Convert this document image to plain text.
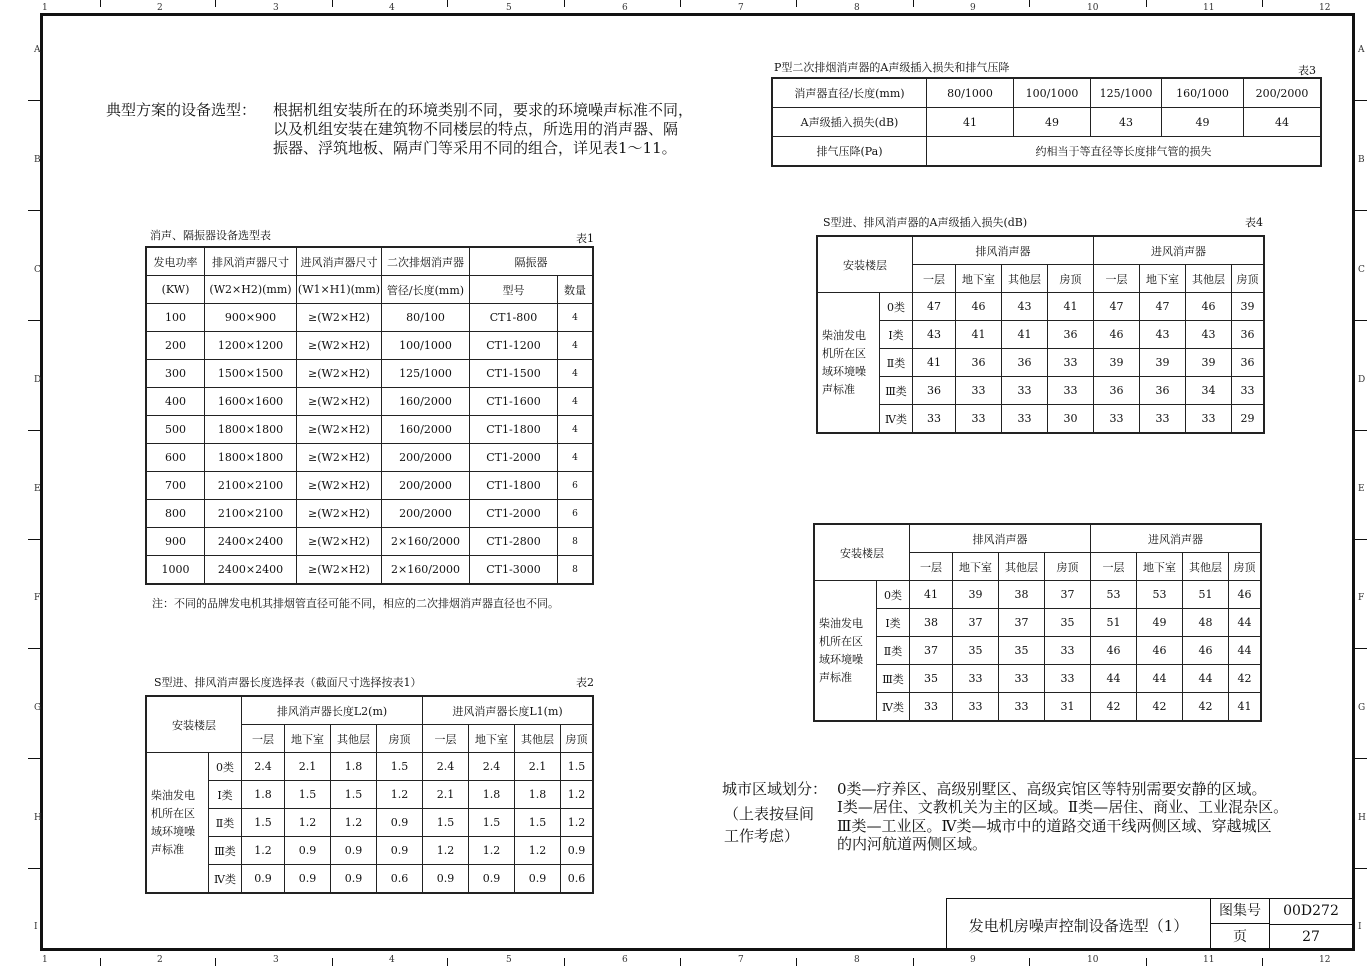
1
1
2
2
3
3
4
4
5
5
6
6
7
7
8
8
9
9
10
10
11
11
12
12
A	A
B	B
C	C
D	D
E	E
F	F
G	G
H	H
I	I
典型方案的设备选型： 根据机组安装所在的环境类别不同，要求的环境噪声标准不同，
以及机组安装在建筑物不同楼层的特点，所选用的消声器、隔
振器、浮筑地板、隔声门等采用不同的组合，详见表1～11。
P型二次排烟消声器的A声级插入损失和排气压降	表3
消声器直径/长度(mm)	80/1000	100/1000	125/1000	160/1000	200/2000
A声级插入损失(dB)	41	49	43	49	44
排气压降(Pa)	约相当于等直径等长度排气管的损失				
消声、隔振器设备选型表	表1
发电功率	排风消声器尺寸	进风消声器尺寸	二次排烟消声器	隔振器	
(KW)	(W2×H2)(mm)	(W1×H1)(mm)	管径/长度(mm)	型号	数量
100	900×900	≥(W2×H2)	80/100	CT1-800	4
200	1200×1200	≥(W2×H2)	100/1000	CT1-1200	4
300	1500×1500	≥(W2×H2)	125/1000	CT1-1500	4
400	1600×1600	≥(W2×H2)	160/2000	CT1-1600	4
500	1800×1800	≥(W2×H2)	160/2000	CT1-1800	4
600	1800×1800	≥(W2×H2)	200/2000	CT1-2000	4
700	2100×2100	≥(W2×H2)	200/2000	CT1-1800	6
800	2100×2100	≥(W2×H2)	200/2000	CT1-2000	6
900	2400×2400	≥(W2×H2)	2×160/2000	CT1-2800	8
1000	2400×2400	≥(W2×H2)	2×160/2000	CT1-3000	8
注：不同的品牌发电机其排烟管直径可能不同，相应的二次排烟消声器直径也不同。
S型进、排风消声器的A声级插入损失(dB)	表4
安装楼层		排风消声器				进风消声器			
		一层	地下室	其他层	房顶	一层	地下室	其他层	房顶
柴油发电机所在区域环境噪声标准	0类	47	46	43	41	47	47	46	39
	Ⅰ类	43	41	41	36	46	43	43	36
	Ⅱ类	41	36	36	33	39	39	39	36
	Ⅲ类	36	33	33	33	36	36	34	33
	Ⅳ类	33	33	33	30	33	33	33	29
安装楼层		排风消声器				进风消声器			
		一层	地下室	其他层	房顶	一层	地下室	其他层	房顶
柴油发电机所在区域环境噪声标准	0类	41	39	38	37	53	53	51	46
	Ⅰ类	38	37	37	35	51	49	48	44
	Ⅱ类	37	35	35	33	46	46	46	44
	Ⅲ类	35	33	33	33	44	44	44	42
	Ⅳ类	33	33	33	31	42	42	42	41
S型进、排风消声器长度选择表（截面尺寸选择按表1）	表2
安装楼层		排风消声器长度L2(m)				进风消声器长度L1(m)			
		一层	地下室	其他层	房顶	一层	地下室	其他层	房顶
柴油发电机所在区域环境噪声标准	0类	2.4	2.1	1.8	1.5	2.4	2.4	2.1	1.5
	Ⅰ类	1.8	1.5	1.5	1.2	2.1	1.8	1.8	1.2
	Ⅱ类	1.5	1.2	1.2	0.9	1.5	1.5	1.5	1.2
	Ⅲ类	1.2	0.9	0.9	0.9	1.2	1.2	1.2	0.9
	Ⅳ类	0.9	0.9	0.9	0.6	0.9	0.9	0.9	0.6
城市区域划分：
（上表按昼间
工作考虑）
0类—疗养区、高级别墅区、高级宾馆区等特别需要安静的区域。
Ⅰ类—居住、文教机关为主的区域。Ⅱ类—居住、商业、工业混杂区。
Ⅲ类—工业区。Ⅳ类—城市中的道路交通干线两侧区域、穿越城区
的内河航道两侧区域。
发电机房噪声控制设备选型（1）
图集号	00D272
页	27
